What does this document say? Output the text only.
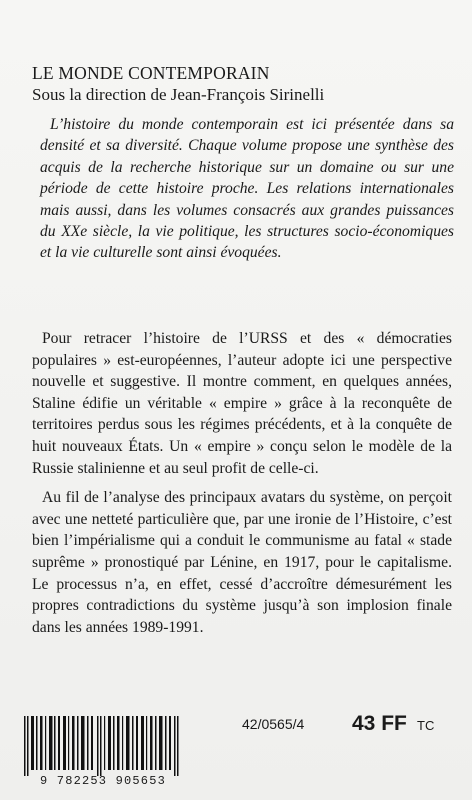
LE MONDE CONTEMPORAIN

Sous la direction de Jean-François Sirinelli

L’histoire du monde contemporain est ici présentée dans sa densité et sa diversité. Chaque volume propose une synthèse des acquis de la recherche historique sur un domaine ou sur une période de cette histoire proche. Les relations internationales mais aussi, dans les volumes consacrés aux grandes puissances du XXe siècle, la vie politique, les structures socio-économiques et la vie culturelle sont ainsi évoquées.

Pour retracer l’histoire de l’URSS et des « démocraties populaires » est-européennes, l’auteur adopte ici une perspective nouvelle et suggestive. Il montre comment, en quelques années, Staline édifie un véritable « empire » grâce à la reconquête de territoires perdus sous les régimes précédents, et à la conquête de huit nouveaux États. Un « empire » conçu selon le modèle de la Russie stalinienne et au seul profit de celle-ci.

Au fil de l’analyse des principaux avatars du système, on perçoit avec une netteté particulière que, par une ironie de l’Histoire, c’est bien l’impérialisme qui a conduit le communisme au fatal « stade suprême » pronostiqué par Lénine, en 1917, pour le capitalisme. Le processus n’a, en effet, cessé d’accroître démesurément les propres contradictions du système jusqu’à son implosion finale dans les années 1989-1991.

9 782253 905653
42/0565/4 43 FF TC
